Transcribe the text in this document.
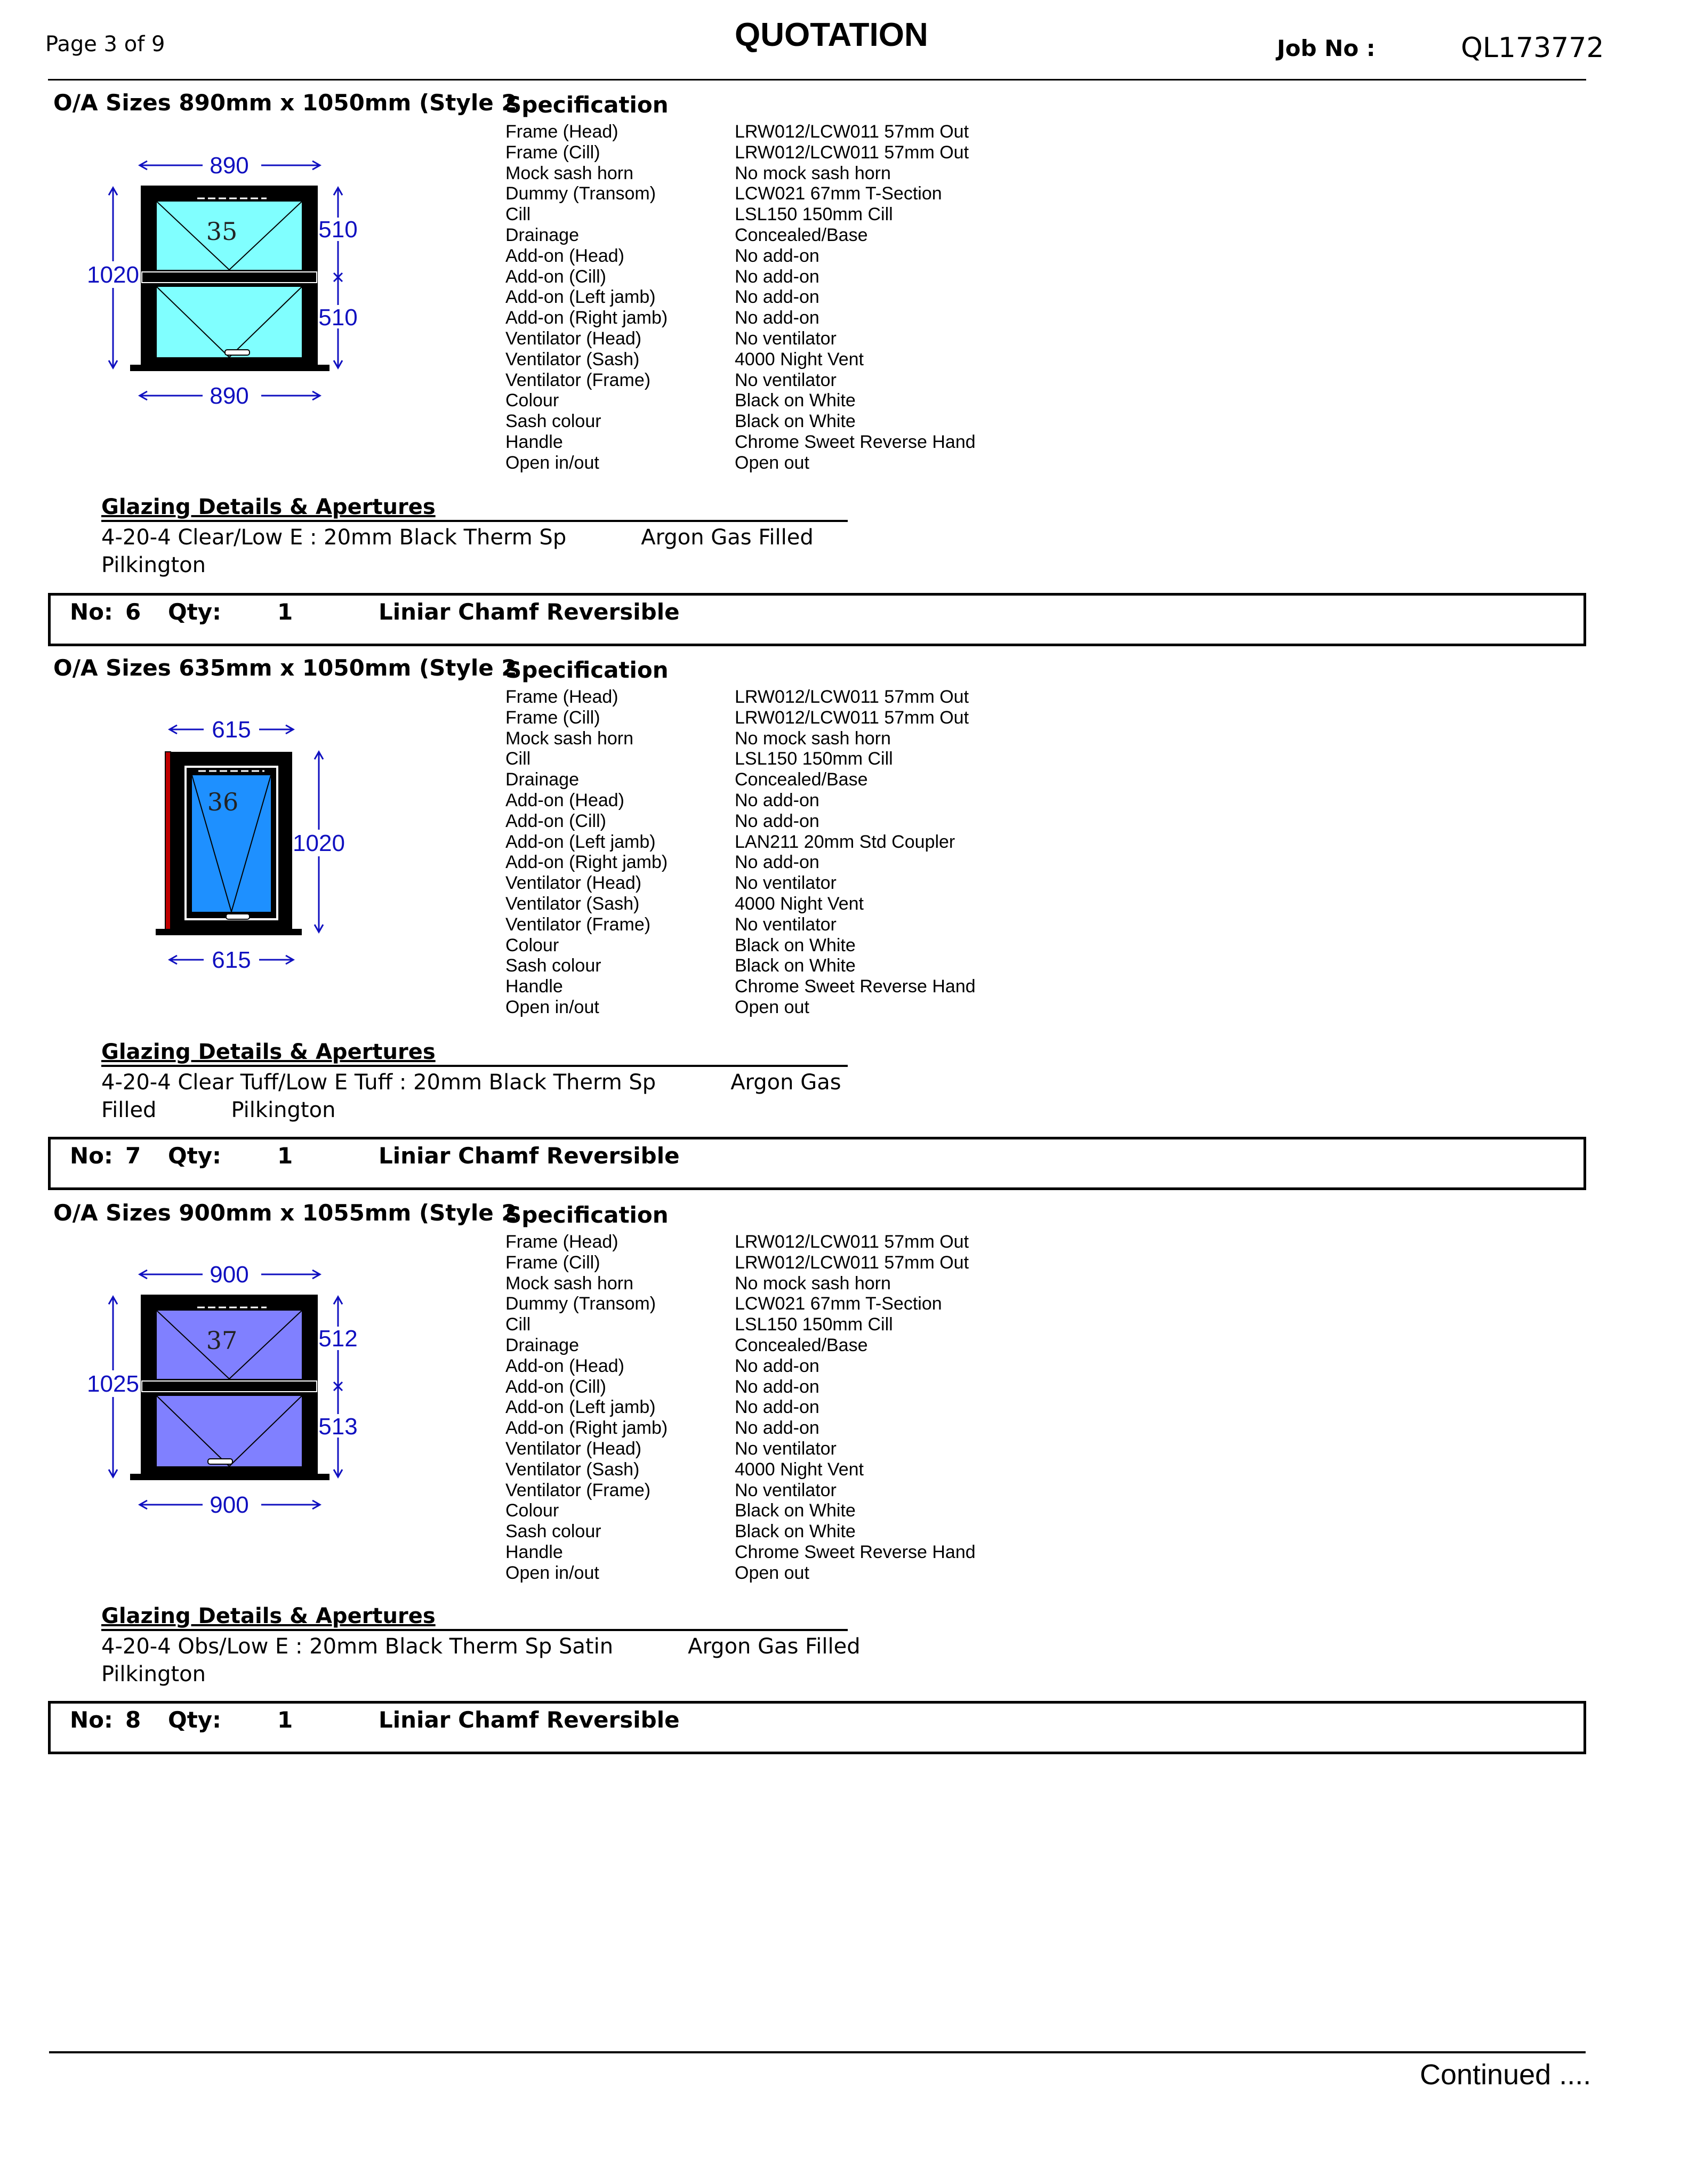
Page 3 of 9	QUOTATION	Job No :	QL173772
O/A Sizes 890mm x 1050mm (Style 2
Specification
Frame (Head)	LRW012/LCW011 57mm Out
Frame (Cill)	LRW012/LCW011 57mm Out
Mock sash horn	No mock sash horn
Dummy (Transom)	LCW021 67mm T-Section
Cill	LSL150 150mm Cill
Drainage	Concealed/Base
Add-on (Head)	No add-on
Add-on (Cill)	No add-on
Add-on (Left jamb)	No add-on
Add-on (Right jamb)	No add-on
Ventilator (Head)	No ventilator
Ventilator (Sash)	4000 Night Vent
Ventilator (Frame)	No ventilator
Colour	Black on White
Sash colour	Black on White
Handle	Chrome Sweet Reverse Hand
Open in/out	Open out
890
1020
510
510
35
890
Glazing Details & Apertures
4-20-4 Clear/Low E : 20mm Black Therm Sp	Argon Gas Filled
Pilkington
No: 6 Qty:	1	Liniar Chamf Reversible
O/A Sizes 635mm x 1050mm (Style 2
Specification
Frame (Head)	LRW012/LCW011 57mm Out
Frame (Cill)	LRW012/LCW011 57mm Out
Mock sash horn	No mock sash horn
Cill	LSL150 150mm Cill
Drainage	Concealed/Base
Add-on (Head)	No add-on
Add-on (Cill)	No add-on
Add-on (Left jamb)	LAN211 20mm Std Coupler
Add-on (Right jamb)	No add-on
Ventilator (Head)	No ventilator
Ventilator (Sash)	4000 Night Vent
Ventilator (Frame)	No ventilator
Colour	Black on White
Sash colour	Black on White
Handle	Chrome Sweet Reverse Hand
Open in/out	Open out
615
1020
36
615
Glazing Details & Apertures
4-20-4 Clear Tuff/Low E Tuff : 20mm Black Therm Sp	Argon Gas
Filled	Pilkington
No: 7 Qty:	1	Liniar Chamf Reversible
O/A Sizes 900mm x 1055mm (Style 2
Specification
Frame (Head)	LRW012/LCW011 57mm Out
Frame (Cill)	LRW012/LCW011 57mm Out
Mock sash horn	No mock sash horn
Dummy (Transom)	LCW021 67mm T-Section
Cill	LSL150 150mm Cill
Drainage	Concealed/Base
Add-on (Head)	No add-on
Add-on (Cill)	No add-on
Add-on (Left jamb)	No add-on
Add-on (Right jamb)	No add-on
Ventilator (Head)	No ventilator
Ventilator (Sash)	4000 Night Vent
Ventilator (Frame)	No ventilator
Colour	Black on White
Sash colour	Black on White
Handle	Chrome Sweet Reverse Hand
Open in/out	Open out
900
1025
512
513
37
900
Glazing Details & Apertures
4-20-4 Obs/Low E : 20mm Black Therm Sp Satin	Argon Gas Filled
Pilkington
No: 8 Qty:	1	Liniar Chamf Reversible
Continued ....
